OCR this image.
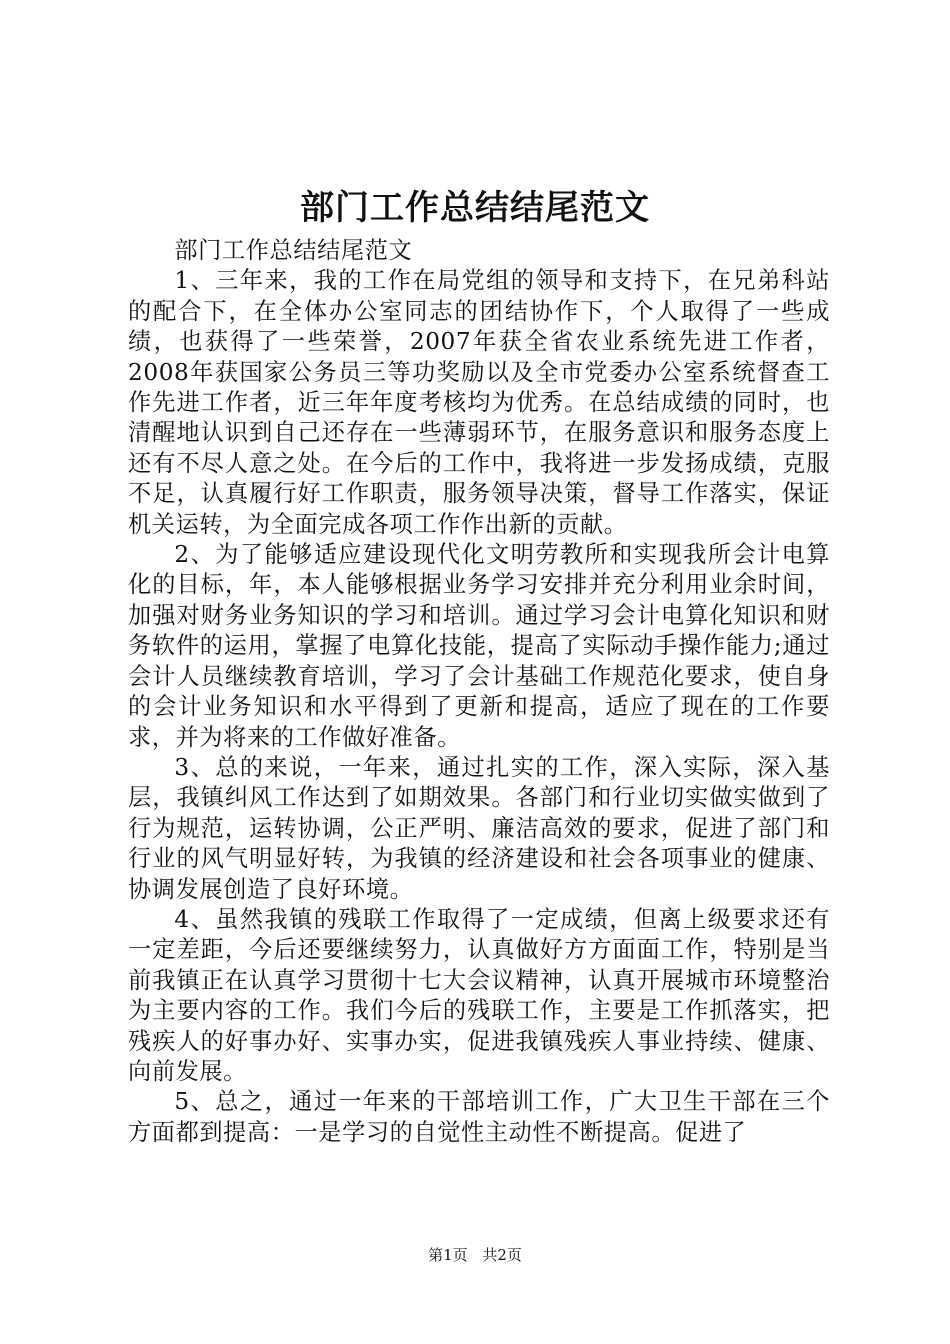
部门工作总结结尾范文

部门工作总结结尾范文

1、三年来，我的工作在局党组的领导和支持下，在兄弟科站的配合下，在全体办公室同志的团结协作下，个人取得了一些成绩，也获得了一些荣誉，2007年获全省农业系统先进工作者，2008年获国家公务员三等功奖励以及全市党委办公室系统督查工作先进工作者，近三年年度考核均为优秀。在总结成绩的同时，也清醒地认识到自己还存在一些薄弱环节，在服务意识和服务态度上还有不尽人意之处。在今后的工作中，我将进一步发扬成绩，克服不足，认真履行好工作职责，服务领导决策，督导工作落实，保证机关运转，为全面完成各项工作作出新的贡献。

2、为了能够适应建设现代化文明劳教所和实现我所会计电算化的目标，年，本人能够根据业务学习安排并充分利用业余时间，加强对财务业务知识的学习和培训。通过学习会计电算化知识和财务软件的运用，掌握了电算化技能，提高了实际动手操作能力;通过会计人员继续教育培训，学习了会计基础工作规范化要求，使自身的会计业务知识和水平得到了更新和提高，适应了现在的工作要求，并为将来的工作做好准备。

3、总的来说，一年来，通过扎实的工作，深入实际，深入基层，我镇纠风工作达到了如期效果。各部门和行业切实做实做到了行为规范，运转协调，公正严明、廉洁高效的要求，促进了部门和行业的风气明显好转，为我镇的经济建设和社会各项事业的健康、协调发展创造了良好环境。

4、虽然我镇的残联工作取得了一定成绩，但离上级要求还有一定差距，今后还要继续努力，认真做好方方面面工作，特别是当前我镇正在认真学习贯彻十七大会议精神，认真开展城市环境整治为主要内容的工作。我们今后的残联工作，主要是工作抓落实，把残疾人的好事办好、实事办实，促进我镇残疾人事业持续、健康、向前发展。

5、总之，通过一年来的干部培训工作，广大卫生干部在三个方面都到提高：一是学习的自觉性主动性不断提高。促进了

第1页 共2页
